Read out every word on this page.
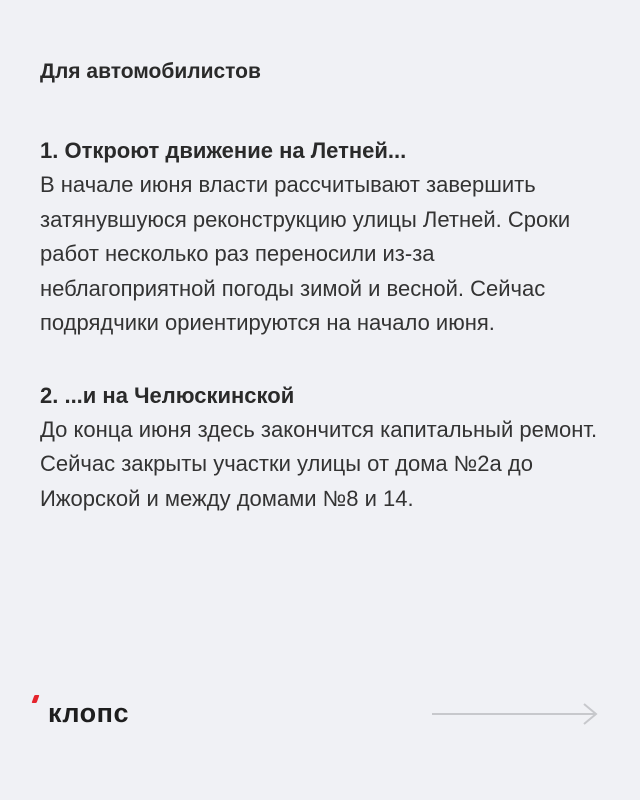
Для автомобилистов
1. Откроют движение на Летней...

В начале июня власти рассчитывают завершить затянувшуюся реконструкцию улицы Летней. Сроки работ несколько раз переносили из-за неблагоприятной погоды зимой и весной. Сейчас подрядчики ориентируются на начало июня.

2. ...и на Челюскинской

До конца июня здесь закончится капитальный ремонт. Сейчас закрыты участки улицы от дома №2а до Ижорской и между домами №8 и 14.

клопс
